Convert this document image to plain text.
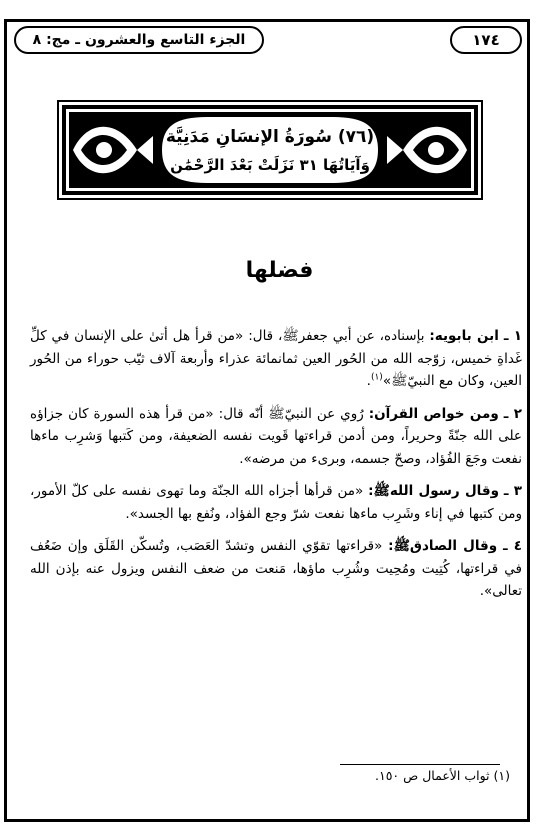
الجزء التاسع والعشرون ـ مج: ٨	١٧٤
(٧٦) سُورَةُ الإنسَانِ مَدَنِيَّة
وَآيَاتُهَا ٣١ نَزَلَتْ بَعْدَ الرَّحْمَٰن
فضلها

١ ـ ابن بابويه: بإسناده، عن أبي جعفرﷺ، قال: «من قرأ هل أتىٰ على الإنسان في كلِّ غَداةِ خميس، زوّجه الله من الحُور العين ثمانمائة عذراء وأربعة آلاف ثيّب حوراء من الحُور العين، وكان مع النبيّﷺ»$^{(١)}$.

٢ ـ ومن خواص القرآن: رُوي عن النبيّﷺ أنّه قال: «من قرأ هذه السورة كان جزاؤه على الله جنّةً وحريراً، ومن أدمن قراءتها قَويت نفسه الضعيفة، ومن كَتبها وَشرِب ماءها نفعت وجَعَ الفُؤاد، وصحّ جسمه، وبرىء من مرضه».

٣ ـ وقال رسول اللهﷺ: «من قرأها أجزاه الله الجنّة وما تهوى نفسه على كلّ الأمور، ومن كتبها في إناء وشَرِب ماءها نفعت شرّ وجع الفؤاد، ونُفع بها الجسد».

٤ ـ وقال الصادقﷺ: «قراءتها تقوّي النفس وتشدّ العَصَب، وتُسكّن القَلَق وإن ضَعُف في قراءتها، كُتِيت ومُحِيت وشُرِب ماؤها، مَنعت من ضعف النفس ويزول عنه بإذن الله تعالى».

(١) ثواب الأعمال ص ١٥٠.
